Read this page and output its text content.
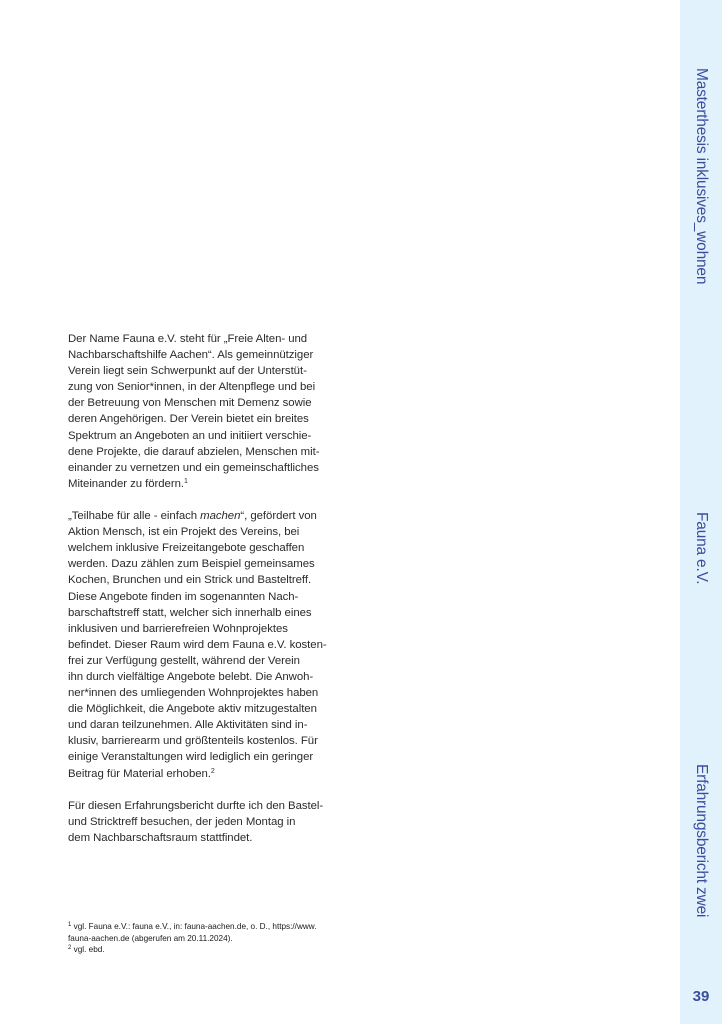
Der Name Fauna e.V. steht für „Freie Alten- und
Nachbarschaftshilfe Aachen“. Als gemeinnütziger
Verein liegt sein Schwerpunkt auf der Unterstüt-
zung von Senior*innen, in der Altenpflege und bei
der Betreuung von Menschen mit Demenz sowie
deren Angehörigen. Der Verein bietet ein breites
Spektrum an Angeboten an und initiiert verschie-
dene Projekte, die darauf abzielen, Menschen mit-
einander zu vernetzen und ein gemeinschaftliches
Miteinander zu fördern.$^1$

„Teilhabe für alle - einfach machen“, gefördert von
Aktion Mensch, ist ein Projekt des Vereins, bei
welchem inklusive Freizeitangebote geschaffen
werden. Dazu zählen zum Beispiel gemeinsames
Kochen, Brunchen und ein Strick und Basteltreff.
Diese Angebote finden im sogenannten Nach-
barschaftstreff statt, welcher sich innerhalb eines
inklusiven und barrierefreien Wohnprojektes
befindet. Dieser Raum wird dem Fauna e.V. kosten-
frei zur Verfügung gestellt, während der Verein
ihn durch vielfältige Angebote belebt. Die Anwoh-
ner*innen des umliegenden Wohnprojektes haben
die Möglichkeit, die Angebote aktiv mitzugestalten
und daran teilzunehmen. Alle Aktivitäten sind in-
klusiv, barrierearm und größtenteils kostenlos. Für
einige Veranstaltungen wird lediglich ein geringer
Beitrag für Material erhoben.$^2$

Für diesen Erfahrungsbericht durfte ich den Bastel-
und Stricktreff besuchen, der jeden Montag in
dem Nachbarschaftsraum stattfindet.

$^1$ vgl. Fauna e.V.: fauna e.V., in: fauna-aachen.de, o. D., https://www.
fauna-aachen.de (abgerufen am 20.11.2024).
$^2$ vgl. ebd.
Masterthesis inklusives_wohnen
Fauna e.V.
Erfahrungsbericht zwei
39
